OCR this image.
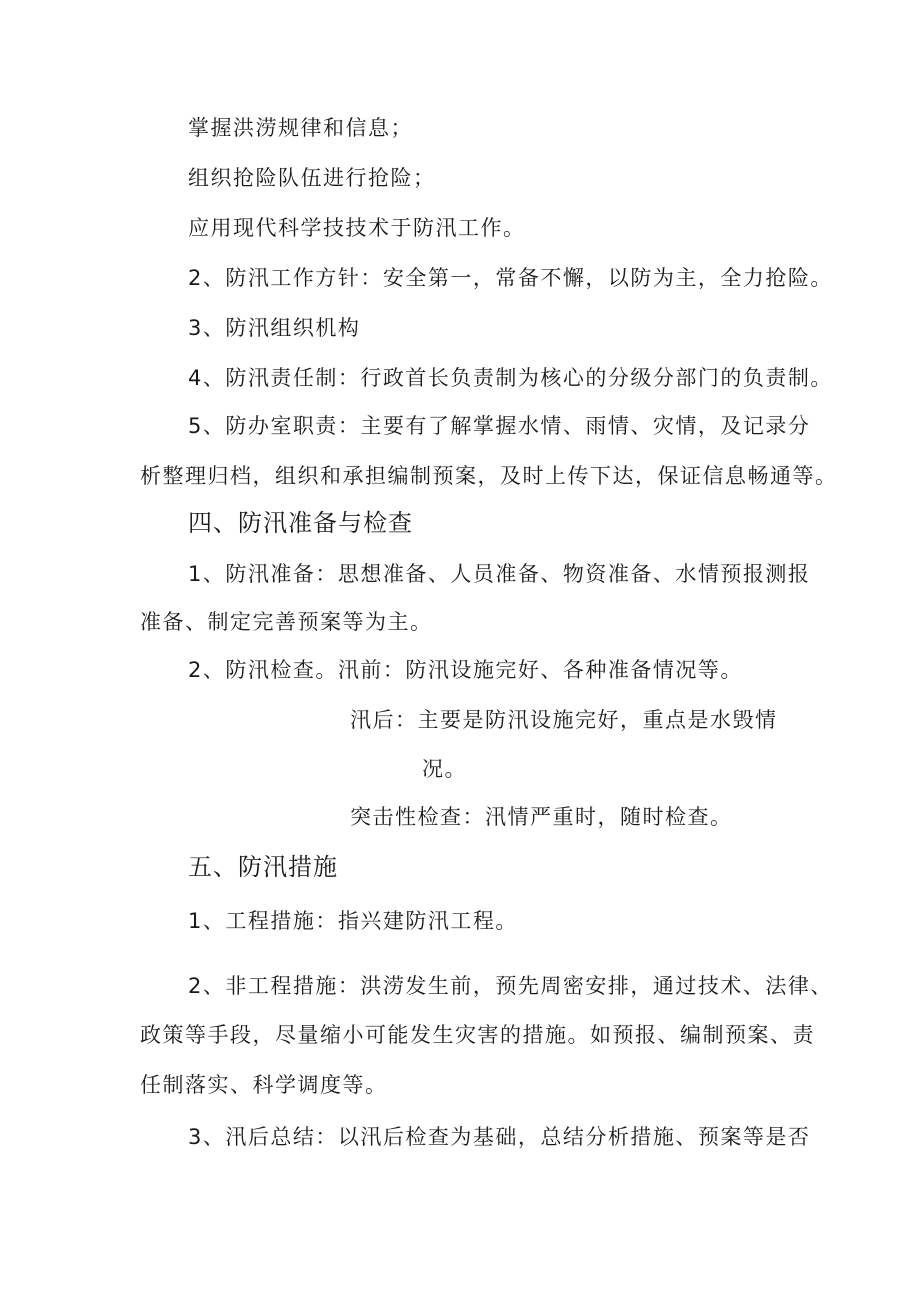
掌握洪涝规律和信息；
组织抢险队伍进行抢险；
应用现代科学技技术于防汛工作。
2、防汛工作方针：安全第一，常备不懈，以防为主，全力抢险。
3、防汛组织机构
4、防汛责任制：行政首长负责制为核心的分级分部门的负责制。
5、防办室职责：主要有了解掌握水情、雨情、灾情，及记录分
析整理归档，组织和承担编制预案，及时上传下达，保证信息畅通等。
四、防汛准备与检查
1、防汛准备：思想准备、人员准备、物资准备、水情预报测报
准备、制定完善预案等为主。
2、防汛检查。汛前：防汛设施完好、各种准备情况等。
汛后：主要是防汛设施完好，重点是水毁情
况。
突击性检查：汛情严重时，随时检查。
五、防汛措施
1、工程措施：指兴建防汛工程。
2、非工程措施：洪涝发生前，预先周密安排，通过技术、法律、
政策等手段，尽量缩小可能发生灾害的措施。如预报、编制预案、责
任制落实、科学调度等。
3、汛后总结：以汛后检查为基础，总结分析措施、预案等是否
